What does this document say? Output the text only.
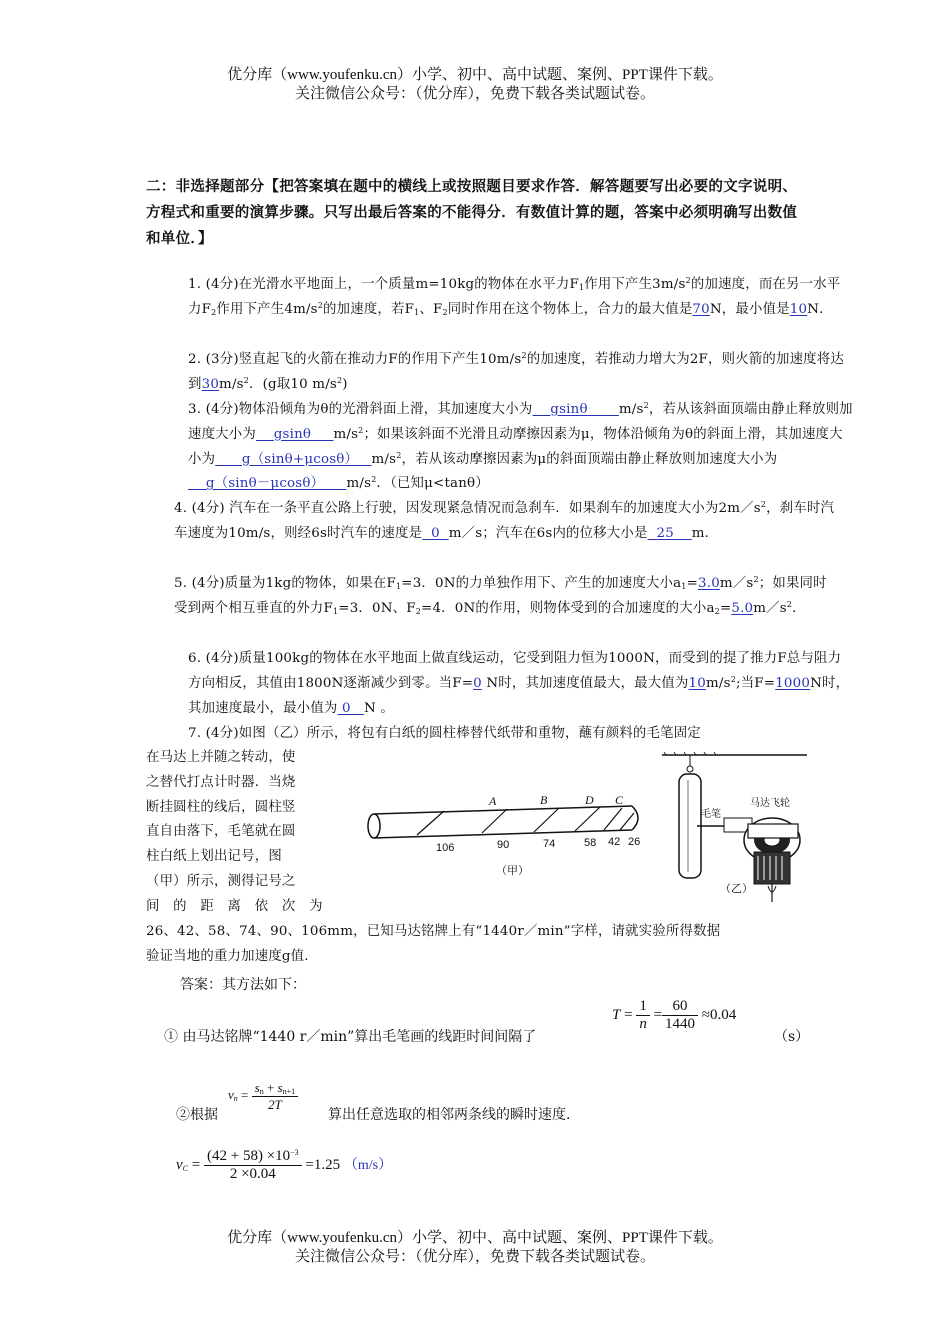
优分库（www.youfenku.cn）小学、初中、高中试题、案例、PPT课件下载。
关注微信公众号：（优分库），免费下载各类试题试卷。
二：非选择题部分【把答案填在题中的横线上或按照题目要求作答．解答题要写出必要的文字说明、方程式和重要的演算步骤。只写出最后答案的不能得分．有数值计算的题，答案中必须明确写出数值和单位．】
1. (4分)在光滑水平地面上，一个质量m=10kg的物体在水平力$F_1$作用下产生$3m/s^2$的加速度，而在另一水平力$F_2$作用下产生$4m/s^2$的加速度，若$F_1$、$F_2$同时作用在这个物体上，合力的最大值是70N，最小值是10N．
2. (3分)竖直起飞的火箭在推动力F的作用下产生$10m/s^2$的加速度，若推动力增大为2F，则火箭的加速度将达到$30m/s^2$．(g取10 $m/s^2$)
3. (4分)物体沿倾角为θ的光滑斜面上滑，其加速度大小为    gsinθ       $m/s^2$，若从该斜面顶端由静止释放则加速度大小为    gsinθ     $m/s^2$；如果该斜面不光滑且动摩擦因素为μ，物体沿倾角为θ的斜面上滑，其加速度大小为      g（sinθ+μcosθ）   $m/s^2$，若从该动摩擦因素为μ的斜面顶端由静止释放则加速度大小为    g（sinθ－μcosθ）     $m/s^2$．（已知μ<tanθ）
4. (4分) 汽车在一条平直公路上行驶，因发现紧急情况而急刹车．如果刹车的加速度大小为$2m/s^2$，刹车时汽车速度为10m/s，则经6s时汽车的速度是  0  m／s；汽车在6s内的位移大小是  25    m．
5. (4分)质量为1kg的物体，如果在$F_1=3$．0N的力单独作用下、产生的加速度大小$a_1=3.0m/s^2$；如果同时受到两个相互垂直的外力$F_1=3$．0N、$F_2=4$．0N的作用，则物体受到的合加速度的大小$a_2=5.0m/s^2$．
6. (4分)质量100kg的物体在水平地面上做直线运动，它受到阻力恒为1000N，而受到的提了推力F总与阻力方向相反，其值由1800N逐渐减少到零。当F=0 N时，其加速度值最大，最大值为$10m/s^2$;当F=1000N时，其加速度最小，最小值为 0   N 。
7. (4分)如图（乙）所示，将包有白纸的圆柱棒替代纸带和重物，蘸有颜料的毛笔固定
在马达上并随之转动，使
之替代打点计时器．当烧
断挂圆柱的线后，圆柱竖
直自由落下，毛笔就在圆
柱白纸上划出记号，图
（甲）所示，测得记号之
间　的　距　离　依　次　为
26、42、58、74、90、106mm，已知马达铭牌上有“1440r／min”字样，请就实验所得数据
验证当地的重力加速度g值．
A	B	D C
106	90	74	58 42 26
（甲）
毛笔
马达飞轮
（乙）
答案：其方法如下：
$T = \frac{1}{n} = \frac{60}{1440} \approx 0.04$
① 由马达铭牌“1440 r／min”算出毛笔画的线距时间间隔了	（s）
$v_n = \frac{s_n + s_{n+1}}{2T}$
②根据	算出任意选取的相邻两条线的瞬时速度．
$v_C = \frac{(42 + 58) \times 10^{-3}}{2 \times 0.04} =1.25$ （m/s）
优分库（www.youfenku.cn）小学、初中、高中试题、案例、PPT课件下载。
关注微信公众号：（优分库），免费下载各类试题试卷。
